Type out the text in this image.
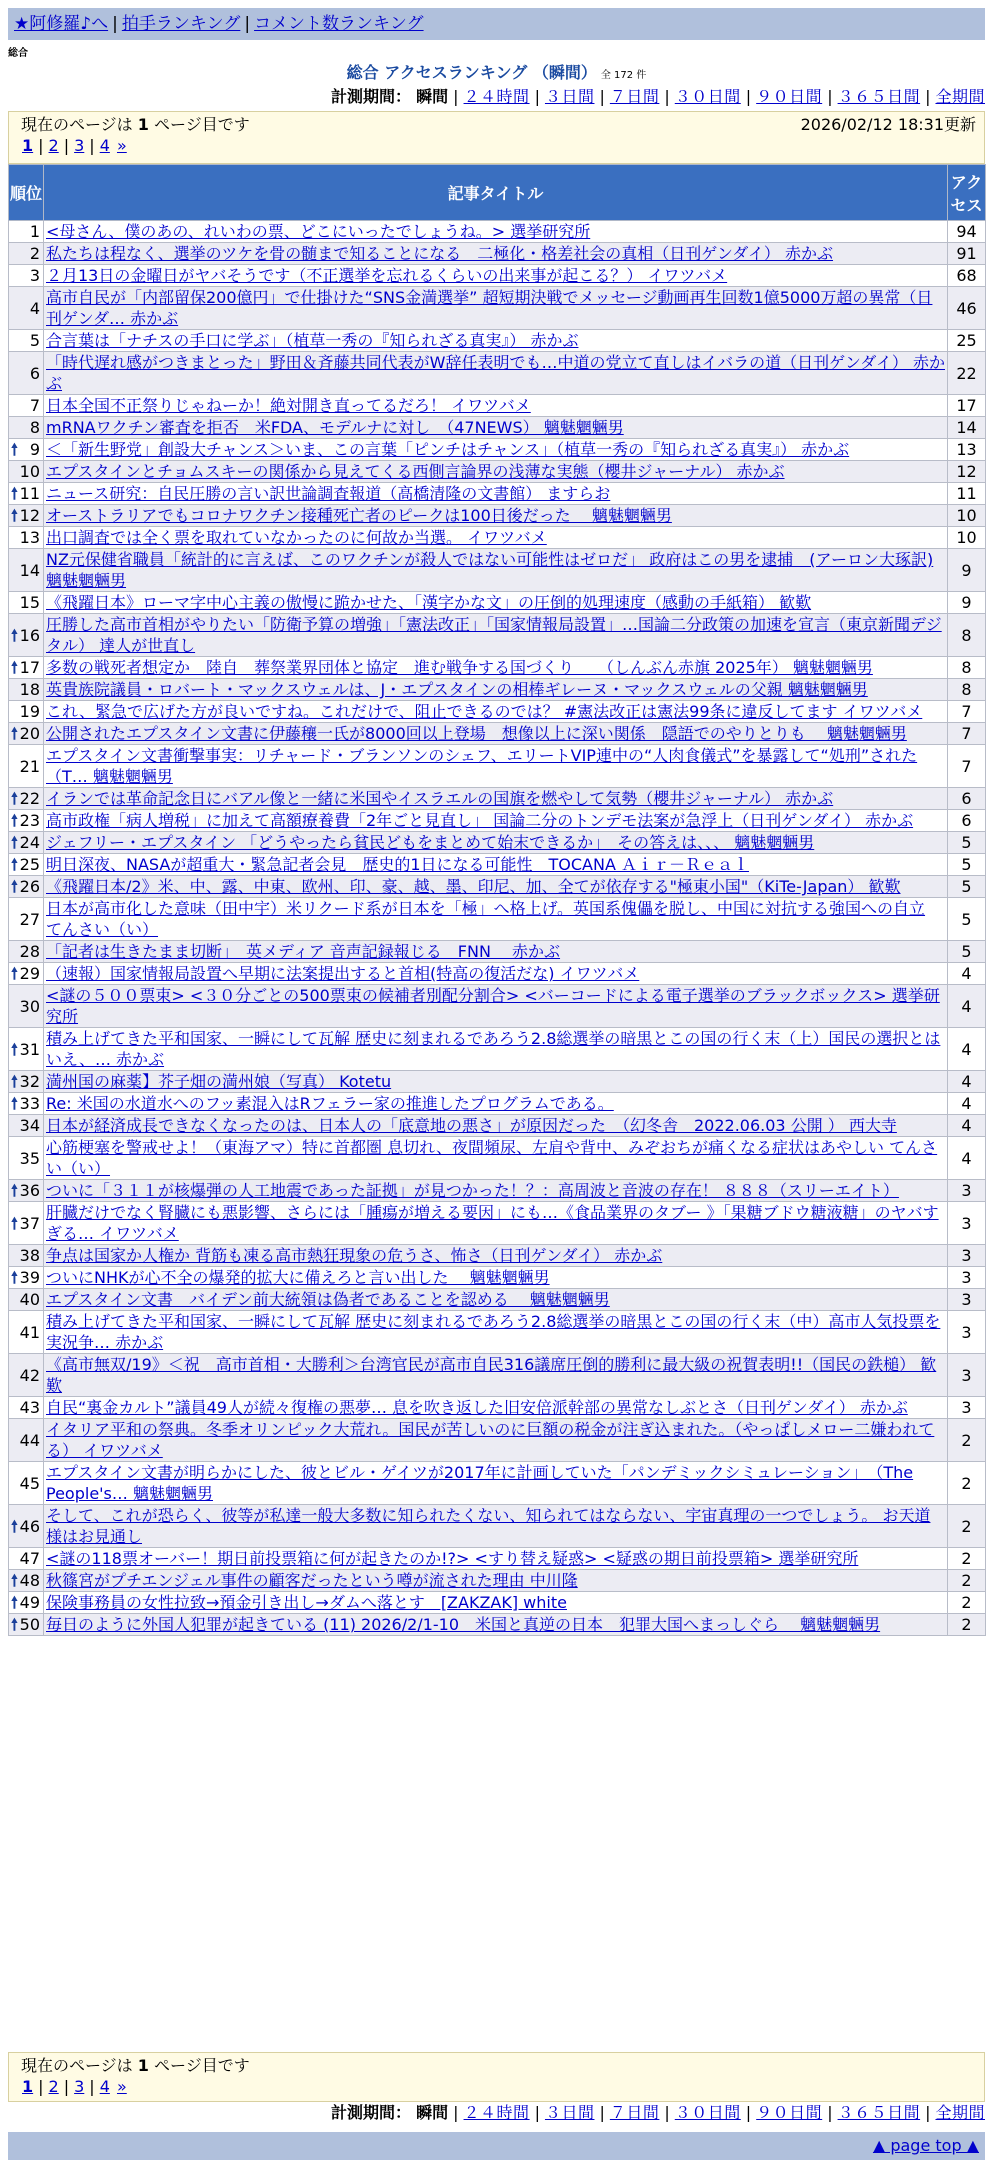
★阿修羅♪へ | 拍手ランキング | コメント数ランキング
総合
総合 アクセスランキング （瞬間） 全 172 件
計測期間： 瞬間 | ２４時間 | ３日間 | ７日間 | ３０日間 | ９０日間 | ３６５日間 | 全期間
現在のページは 1 ページ目です	2026/02/12 18:31更新
1 | 2 | 3 | 4 »
順位	記事タイトル	アクセス
1	<母さん、僕のあの、れいわの票、どこにいったでしょうね。> 選挙研究所	94
2	私たちは程なく、選挙のツケを骨の髄まで知ることになる　二極化・格差社会の真相（日刊ゲンダイ） 赤かぶ	91
3	２月13日の金曜日がヤバそうです（不正選挙を忘れるくらいの出来事が起こる？） イワツバメ	68
4	高市自民が「内部留保200億円」で仕掛けた“SNS金満選挙” 超短期決戦でメッセージ動画再生回数1億5000万超の異常（日刊ゲンダ… 赤かぶ	46
5	合言葉は「ナチスの手口に学ぶ」（植草一秀の『知られざる真実』） 赤かぶ	25
6	「時代遅れ感がつきまとった」野田＆斉藤共同代表がW辞任表明でも…中道の党立て直しはイバラの道（日刊ゲンダイ） 赤かぶ	22
7	日本全国不正祭りじゃねーか！絶対開き直ってるだろ！ イワツバメ	17
8	mRNAワクチン審査を拒否　米FDA、モデルナに対し　（47NEWS） 魑魅魍魎男	14

🠕 9	＜「新生野党」創設大チャンス＞いま、この言葉「ピンチはチャンス」（植草一秀の『知られざる真実』） 赤かぶ	13
10	エプスタインとチョムスキーの関係から見えてくる西側言論界の浅薄な実態（櫻井ジャーナル） 赤かぶ	12

🠕 11	ニュース研究：自民圧勝の言い訳世論調査報道（高橋清隆の文書館） ますらお	11

🠕 12	オーストラリアでもコロナワクチン接種死亡者のピークは100日後だった　 魑魅魍魎男	10
13	出口調査では全く票を取れていなかったのに何故か当選。 イワツバメ	10
14	NZ元保健省職員「統計的に言えば、このワクチンが殺人ではない可能性はゼロだ」 政府はこの男を逮捕　(アーロン大琢訳) 魑魅魍魎男	9
15	《飛躍日本》ローマ字中心主義の傲慢に跪かせた、「漢字かな文」の圧倒的処理速度（感動の手紙箱） 歓歎	9

🠕 16	圧勝した高市首相がやりたい「防衛予算の増強」「憲法改正」「国家情報局設置」…国論二分政策の加速を宣言（東京新聞デジタル） 達人が世直し	8

🠕 17	多数の戦死者想定か　陸自　葬祭業界団体と協定　進む戦争する国づくり　　（しんぶん赤旗 2025年） 魑魅魍魎男	8
18	英貴族院議員・ロバート・マックスウェルは、J・エプスタインの相棒ギレーヌ・マックスウェルの父親 魑魅魍魎男	8
19	これ、緊急で広げた方が良いですね。これだけで、阻止できるのでは？ #憲法改正は憲法99条に違反してます イワツバメ	7

🠕 20	公開されたエプスタイン文書に伊藤穰一氏が8000回以上登場　想像以上に深い関係　隠語でのやりとりも　 魑魅魍魎男	7
21	エプスタイン文書衝撃事実：リチャード・ブランソンのシェフ、エリートVIP連中の“人肉食儀式”を暴露して“処刑”された（T… 魑魅魍魎男	7

🠕 22	イランでは革命記念日にバアル像と一緒に米国やイスラエルの国旗を燃やして気勢（櫻井ジャーナル） 赤かぶ	6

🠕 23	高市政権「病人増税」に加えて高額療養費「2年ごと見直し」 国論二分のトンデモ法案が急浮上（日刊ゲンダイ） 赤かぶ	6

🠕 24	ジェフリー・エプスタイン 「どうやったら貧民どもをまとめて始末できるか」　その答えは、、、 魑魅魍魎男	5

🠕 25	明日深夜、NASAが超重大・緊急記者会見　歴史的1日になる可能性　TOCANA Ａｉｒ－Ｒｅａｌ	5

🠕 26	《飛躍日本/2》米、中、露、中東、欧州、印、豪、越、墨、印尼、加、全てが依存する"極東小国"（KiTe-Japan） 歓歎	5
27	日本が高市化した意味（田中宇）米リクード系が日本を「極」へ格上げ。英国系傀儡を脱し、中国に対抗する強国への自立 てんさい（い）	5
28	「記者は生きたまま切断」　英メディア 音声記録報じる　FNN　 赤かぶ	5

🠕 29	（速報）国家情報局設置へ早期に法案提出すると首相(特高の復活だな) イワツバメ	4
30	<謎の５００票束> <３０分ごとの500票束の候補者別配分割合> <バーコードによる電子選挙のブラックボックス> 選挙研究所	4

🠕 31	積み上げてきた平和国家、一瞬にして瓦解 歴史に刻まれるであろう2.8総選挙の暗黒とこの国の行く末（上）国民の選択とはいえ、… 赤かぶ	4

🠕 32	満州国の麻薬】芥子畑の満州娘（写真） Kotetu	4

🠕 33	Re: 米国の水道水へのフッ素混入はRフェラー家の推進したプログラムである。	4
34	日本が経済成長できなくなったのは、日本人の「底意地の悪さ」が原因だった　（幻冬舎　2022.06.03 公開 ） 西大寺	4
35	心筋梗塞を警戒せよ！（東海アマ）特に首都圏 息切れ、夜間頻尿、左肩や背中、みぞおちが痛くなる症状はあやしい てんさい（い）	4

🠕 36	ついに「３１１が核爆弾の人工地震であった証拠」が見つかった！？：高周波と音波の存在！ ８８８（スリーエイト）	3

🠕 37	肝臓だけでなく腎臓にも悪影響、さらには「腫瘍が増える要因」にも…《食品業界のタブー 》「果糖ブドウ糖液糖」のヤバすぎる… イワツバメ	3
38	争点は国家か人権か 背筋も凍る高市熱狂現象の危うさ、怖さ（日刊ゲンダイ） 赤かぶ	3

🠕 39	ついにNHKが心不全の爆発的拡大に備えろと言い出した　 魑魅魍魎男	3
40	エプスタイン文書　バイデン前大統領は偽者であることを認める　 魑魅魍魎男	3
41	積み上げてきた平和国家、一瞬にして瓦解 歴史に刻まれるであろう2.8総選挙の暗黒とこの国の行く末（中）高市人気投票を実況争… 赤かぶ	3
42	《高市無双/19》＜祝　高市首相・大勝利＞台湾官民が高市自民316議席圧倒的勝利に最大級の祝賀表明!!（国民の鉄槌） 歓歎	3
43	自民“裏金カルト”議員49人が続々復権の悪夢… 息を吹き返した旧安倍派幹部の異常なしぶとさ（日刊ゲンダイ） 赤かぶ	3
44	イタリア平和の祭典。冬季オリンピック大荒れ。国民が苦しいのに巨額の税金が注ぎ込まれた。（やっぱしメロー二嫌われてる） イワツバメ	2
45	エプスタイン文書が明らかにした、彼とビル・ゲイツが2017年に計画していた「パンデミックシミュレーション」　（The People's… 魑魅魍魎男	2

🠕 46	そして、これが恐らく、彼等が私達一般大多数に知られたくない、知られてはならない、宇宙真理の一つでしょう。 お天道様はお見通し	2
47	<謎の118票オーバー！期日前投票箱に何が起きたのか!?> <すり替え疑惑> <疑惑の期日前投票箱> 選挙研究所	2

🠕 48	秋篠宮がプチエンジェル事件の顧客だったという噂が流された理由 中川隆	2

🠕 49	保険事務員の女性拉致→預金引き出し→ダムへ落とす　[ZAKZAK] white	2

🠕 50	毎日のように外国人犯罪が起きている (11) 2026/2/1-10　米国と真逆の日本　犯罪大国へまっしぐら　 魑魅魍魎男	2
現在のページは 1 ページ目です
1 | 2 | 3 | 4 »
計測期間： 瞬間 | ２４時間 | ３日間 | ７日間 | ３０日間 | ９０日間 | ３６５日間 | 全期間
▲ page top ▲
